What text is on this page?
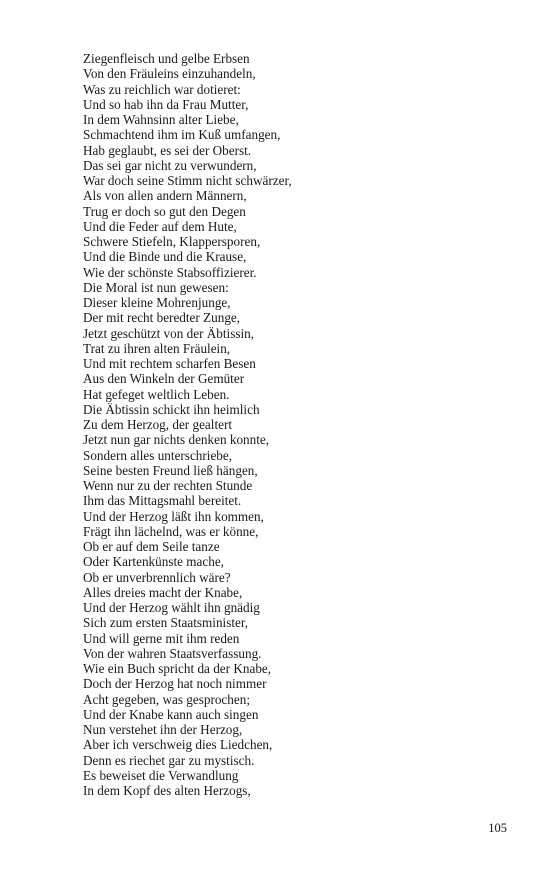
Ziegenfleisch und gelbe Erbsen
Von den Fräuleins einzuhandeln,
Was zu reichlich war dotieret:
Und so hab ihn da Frau Mutter,
In dem Wahnsinn alter Liebe,
Schmachtend ihm im Kuß umfangen,
Hab geglaubt, es sei der Oberst.
Das sei gar nicht zu verwundern,
War doch seine Stimm nicht schwärzer,
Als von allen andern Männern,
Trug er doch so gut den Degen
Und die Feder auf dem Hute,
Schwere Stiefeln, Klappersporen,
Und die Binde und die Krause,
Wie der schönste Stabsoffizierer.
Die Moral ist nun gewesen:
Dieser kleine Mohrenjunge,
Der mit recht beredter Zunge,
Jetzt geschützt von der Äbtissin,
Trat zu ihren alten Fräulein,
Und mit rechtem scharfen Besen
Aus den Winkeln der Gemüter
Hat gefeget weltlich Leben.
Die Äbtissin schickt ihn heimlich
Zu dem Herzog, der gealtert
Jetzt nun gar nichts denken konnte,
Sondern alles unterschriebe,
Seine besten Freund ließ hängen,
Wenn nur zu der rechten Stunde
Ihm das Mittagsmahl bereitet.
Und der Herzog läßt ihn kommen,
Frägt ihn lächelnd, was er könne,
Ob er auf dem Seile tanze
Oder Kartenkünste mache,
Ob er unverbrennlich wäre?
Alles dreies macht der Knabe,
Und der Herzog wählt ihn gnädig
Sich zum ersten Staatsminister,
Und will gerne mit ihm reden
Von der wahren Staatsverfassung.
Wie ein Buch spricht da der Knabe,
Doch der Herzog hat noch nimmer
Acht gegeben, was gesprochen;
Und der Knabe kann auch singen
Nun verstehet ihn der Herzog,
Aber ich verschweig dies Liedchen,
Denn es riechet gar zu mystisch.
Es beweiset die Verwandlung
In dem Kopf des alten Herzogs,
105
